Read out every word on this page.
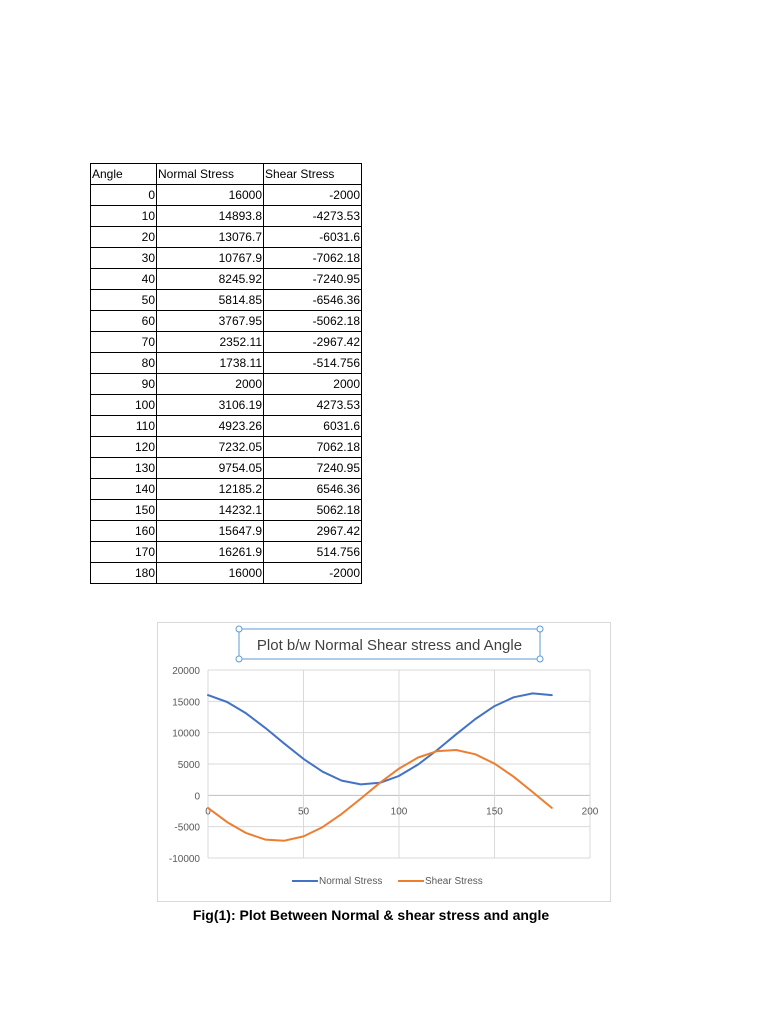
Angle	Normal Stress	Shear Stress
0	16000	-2000
10	14893.8	-4273.53
20	13076.7	-6031.6
30	10767.9	-7062.18
40	8245.92	-7240.95
50	5814.85	-6546.36
60	3767.95	-5062.18
70	2352.11	-2967.42
80	1738.11	-514.756
90	2000	2000
100	3106.19	4273.53
110	4923.26	6031.6
120	7232.05	7062.18
130	9754.05	7240.95
140	12185.2	6546.36
150	14232.1	5062.18
160	15647.9	2967.42
170	16261.9	514.756
180	16000	-2000
20000
15000
10000
5000
0
-5000
-10000
0	50	100	150	200
Plot b/w Normal Shear stress and Angle
Normal Stress	Shear Stress
Fig(1): Plot Between Normal & shear stress and angle
